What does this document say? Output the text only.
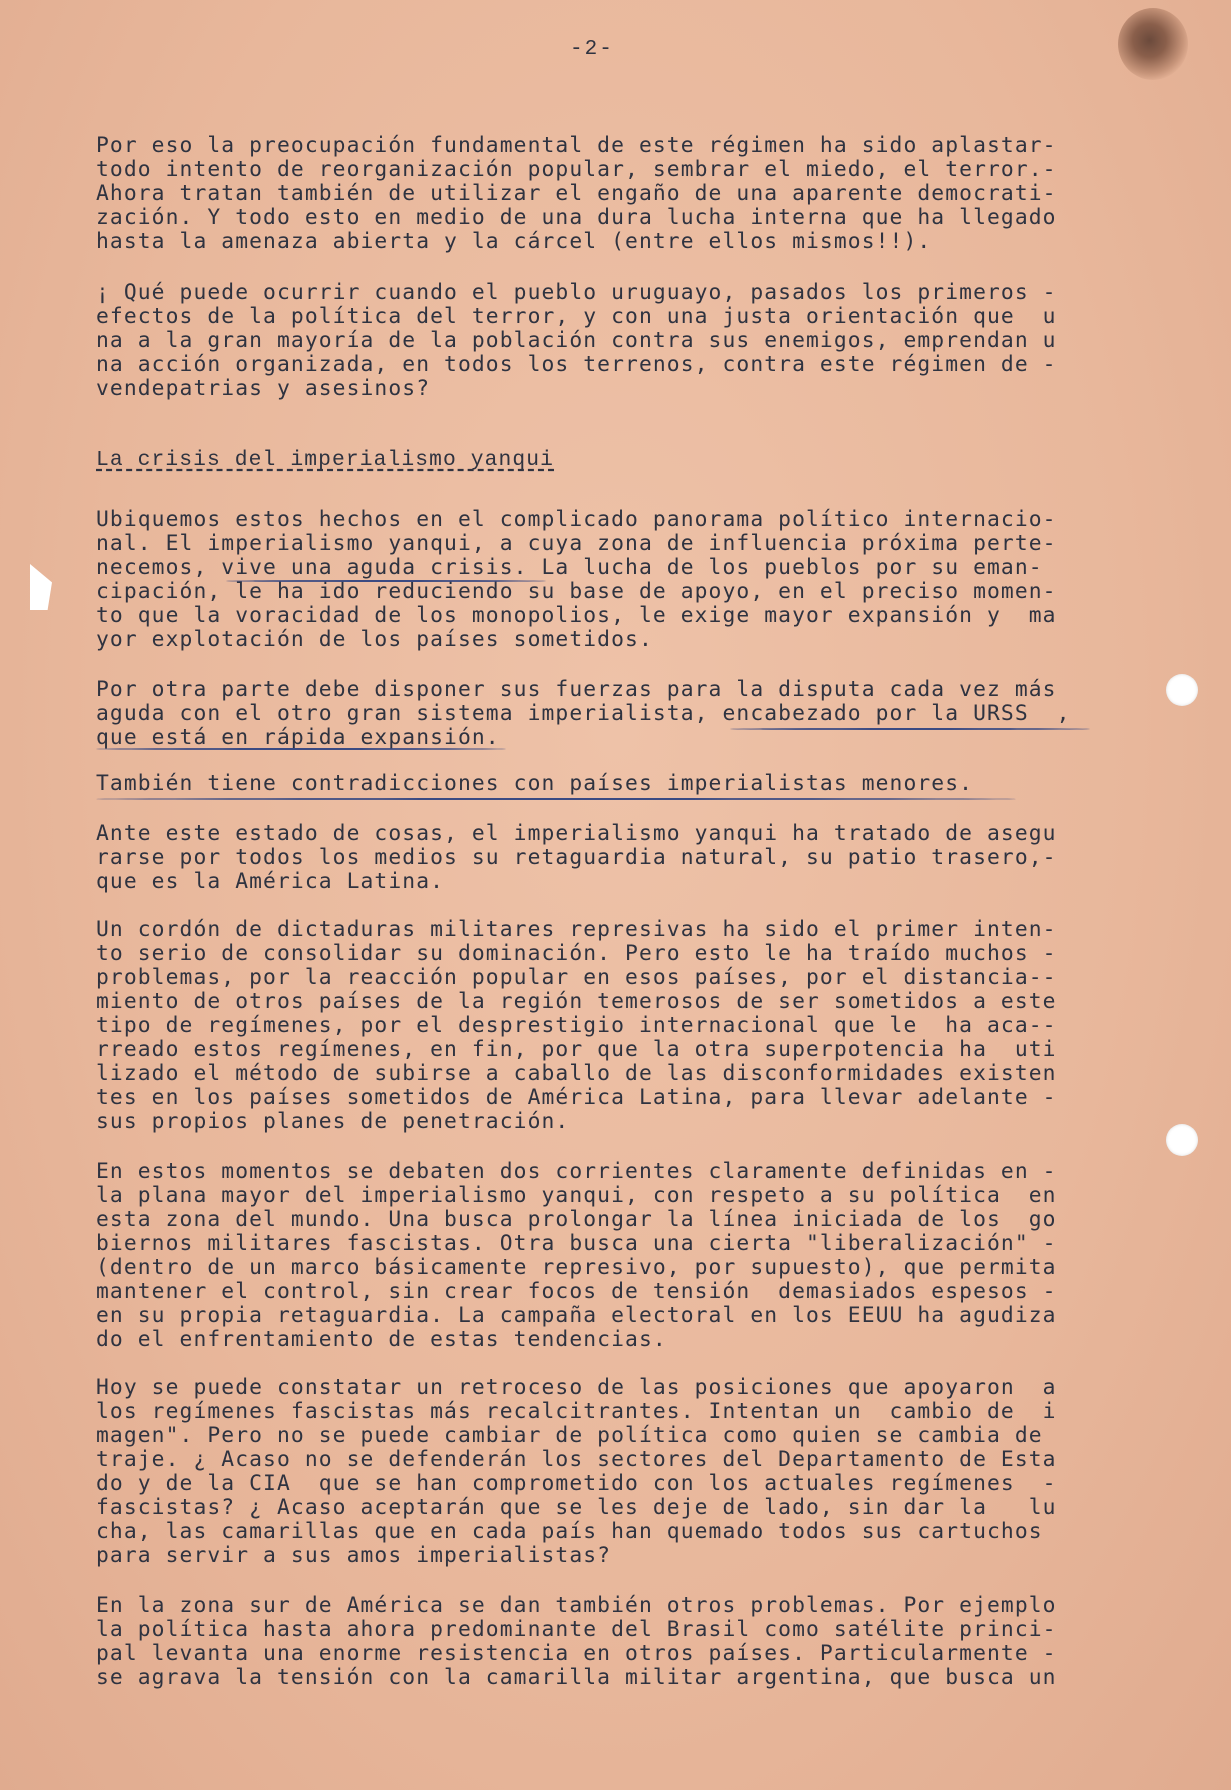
-2-
Por eso la preocupación fundamental de este régimen ha sido aplastar-
todo intento de reorganización popular, sembrar el miedo, el terror.-
Ahora tratan también de utilizar el engaño de una aparente democrati-
zación. Y todo esto en medio de una dura lucha interna que ha llegado
hasta la amenaza abierta y la cárcel (entre ellos mismos!!).
¡ Qué puede ocurrir cuando el pueblo uruguayo, pasados los primeros -
efectos de la política del terror, y con una justa orientación que  u
na a la gran mayoría de la población contra sus enemigos, emprendan u
na acción organizada, en todos los terrenos, contra este régimen de -
vendepatrias y asesinos?
La crisis del imperialismo yanqui
Ubiquemos estos hechos en el complicado panorama político internacio-
nal. El imperialismo yanqui, a cuya zona de influencia próxima perte-
necemos, vive una aguda crisis. La lucha de los pueblos por su eman-
cipación, le ha ido reduciendo su base de apoyo, en el preciso momen-
to que la voracidad de los monopolios, le exige mayor expansión y  ma
yor explotación de los países sometidos.
Por otra parte debe disponer sus fuerzas para la disputa cada vez más
aguda con el otro gran sistema imperialista, encabezado por la URSS  ,
que está en rápida expansión.
También tiene contradicciones con países imperialistas menores.
Ante este estado de cosas, el imperialismo yanqui ha tratado de asegu
rarse por todos los medios su retaguardia natural, su patio trasero,-
que es la América Latina.
Un cordón de dictaduras militares represivas ha sido el primer inten-
to serio de consolidar su dominación. Pero esto le ha traído muchos -
problemas, por la reacción popular en esos países, por el distancia--
miento de otros países de la región temerosos de ser sometidos a este
tipo de regímenes, por el desprestigio internacional que le  ha aca--
rreado estos regímenes, en fin, por que la otra superpotencia ha  uti
lizado el método de subirse a caballo de las disconformidades existen
tes en los países sometidos de América Latina, para llevar adelante -
sus propios planes de penetración.
En estos momentos se debaten dos corrientes claramente definidas en -
la plana mayor del imperialismo yanqui, con respeto a su política  en
esta zona del mundo. Una busca prolongar la línea iniciada de los  go
biernos militares fascistas. Otra busca una cierta "liberalización" -
(dentro de un marco básicamente represivo, por supuesto), que permita
mantener el control, sin crear focos de tensión  demasiados espesos -
en su propia retaguardia. La campaña electoral en los EEUU ha agudiza
do el enfrentamiento de estas tendencias.
Hoy se puede constatar un retroceso de las posiciones que apoyaron  a
los regímenes fascistas más recalcitrantes. Intentan un  cambio de  i
magen". Pero no se puede cambiar de política como quien se cambia de
traje. ¿ Acaso no se defenderán los sectores del Departamento de Esta
do y de la CIA  que se han comprometido con los actuales regímenes  -
fascistas? ¿ Acaso aceptarán que se les deje de lado, sin dar la   lu
cha, las camarillas que en cada país han quemado todos sus cartuchos
para servir a sus amos imperialistas?
En la zona sur de América se dan también otros problemas. Por ejemplo
la política hasta ahora predominante del Brasil como satélite princi-
pal levanta una enorme resistencia en otros países. Particularmente -
se agrava la tensión con la camarilla militar argentina, que busca un
